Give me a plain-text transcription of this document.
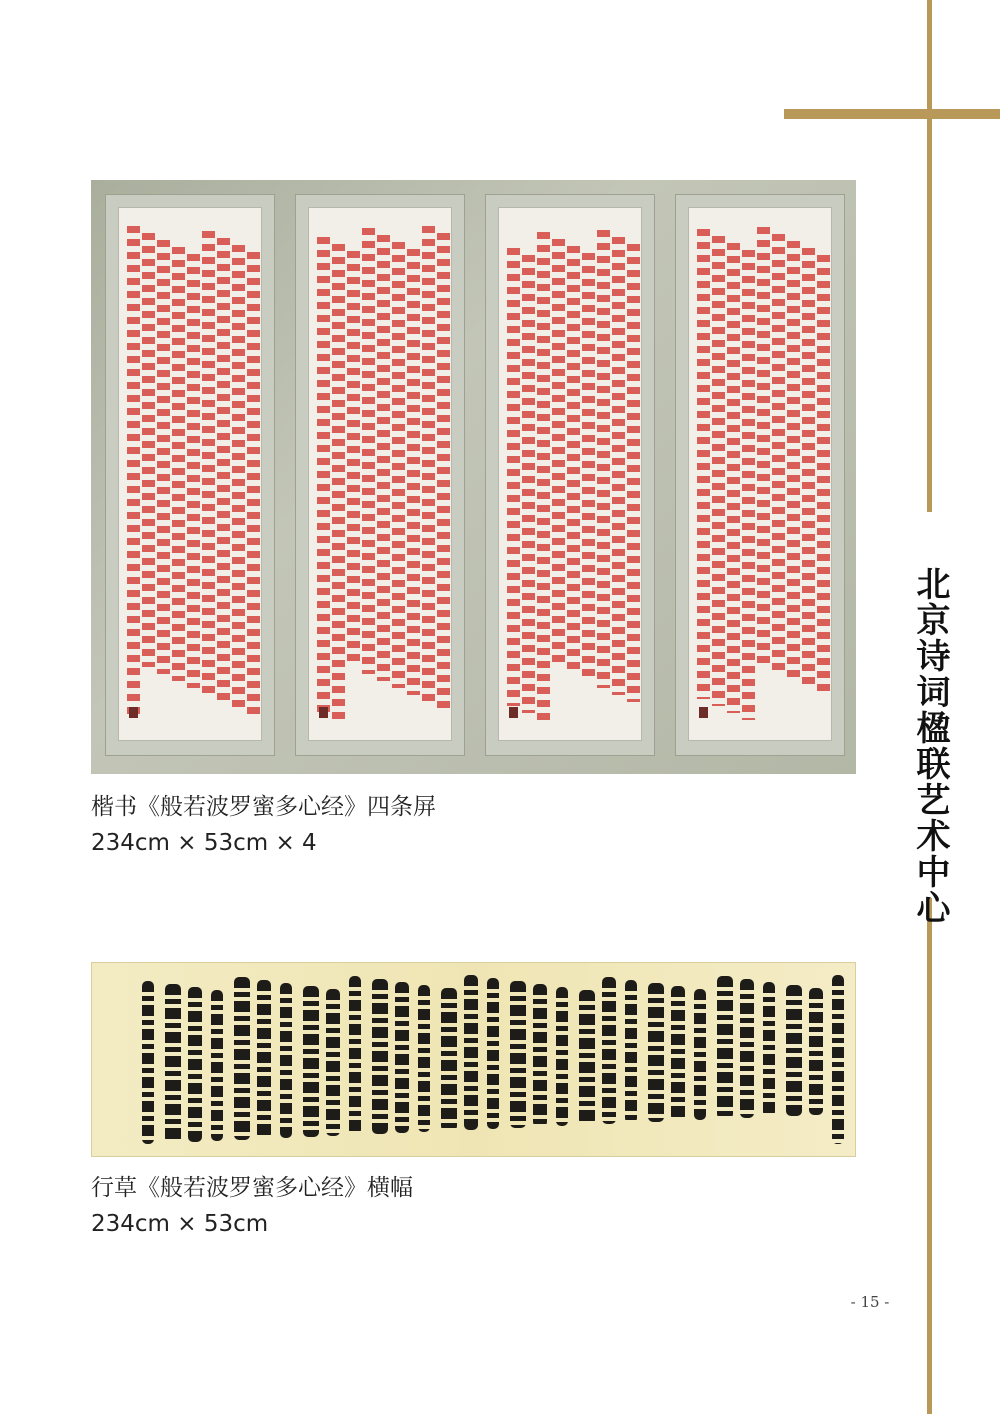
北京诗词楹联艺术中心
楷书《般若波罗蜜多心经》四条屏
234cm × 53cm × 4
行草《般若波罗蜜多心经》横幅
234cm × 53cm
- 15 -
